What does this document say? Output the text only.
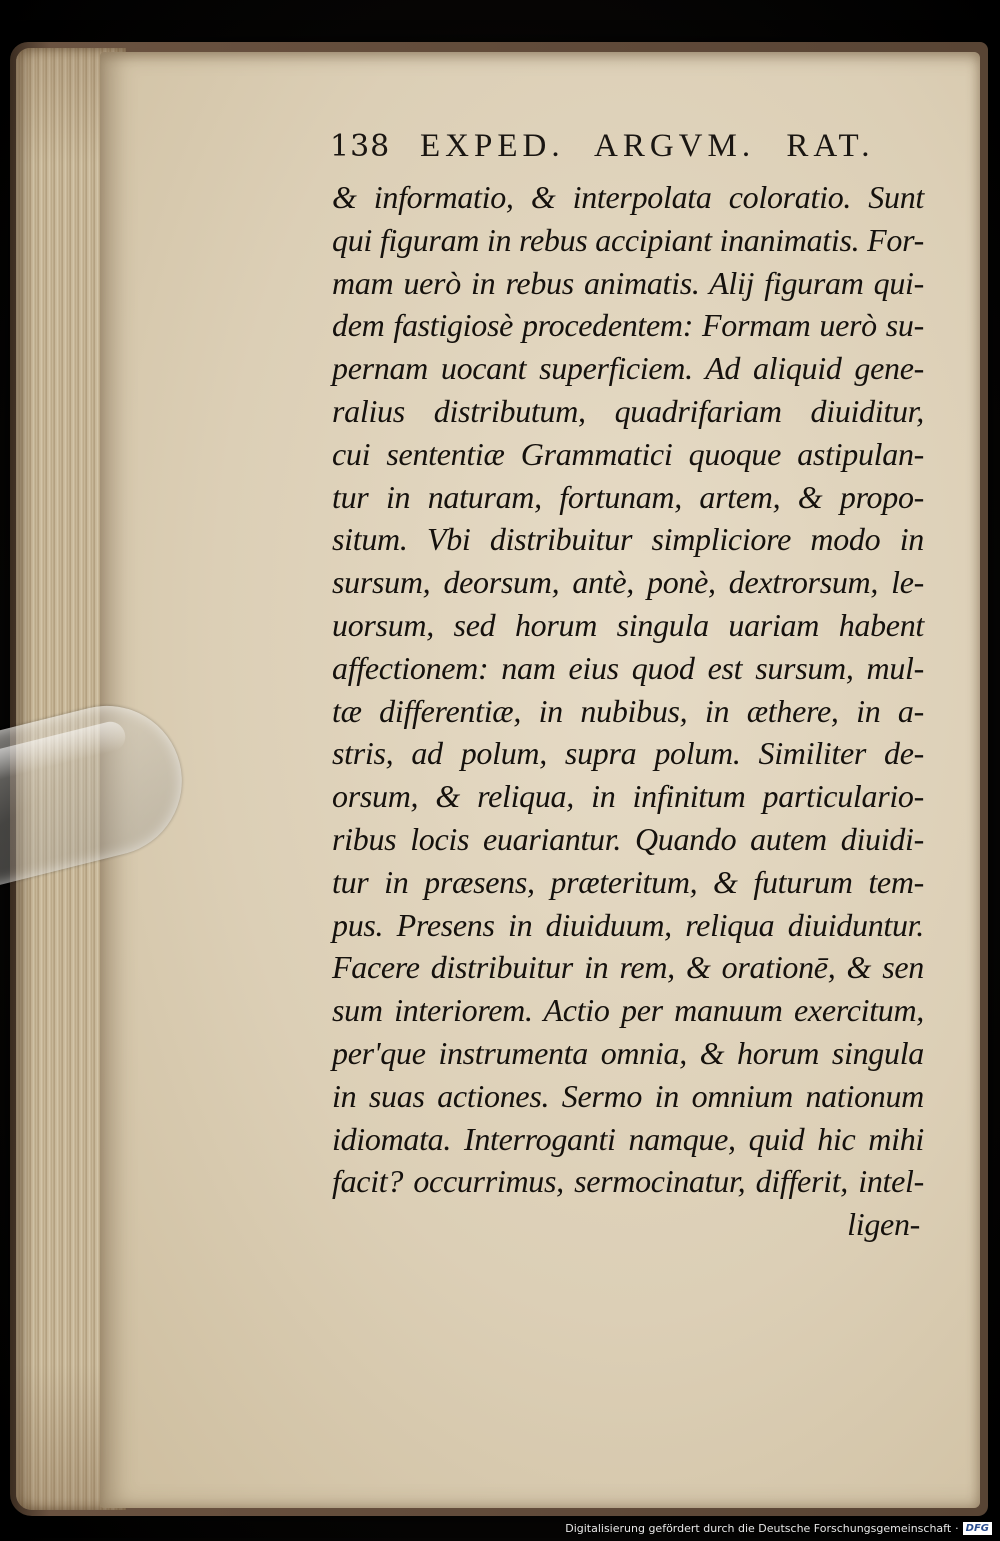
138 EXPED. ARGVM. RAT.
& informatio, & interpolata coloratio. Sunt
qui figuram in rebus accipiant inanimatis. For-
mam uerò in rebus animatis. Alij figuram qui-
dem fastigiosè procedentem: Formam uerò su-
pernam uocant superficiem. Ad aliquid gene-
ralius distributum, quadrifariam diuiditur,
cui sententiæ Grammatici quoque astipulan-
tur in naturam, fortunam, artem, & propo-
situm. Vbi distribuitur simpliciore modo in
sursum, deorsum, antè, ponè, dextrorsum, le-
uorsum, sed horum singula uariam habent
affectionem: nam eius quod est sursum, mul-
tæ differentiæ, in nubibus, in æthere, in a-
stris, ad polum, supra polum. Similiter de-
orsum, & reliqua, in infinitum particulario-
ribus locis euariantur. Quando autem diuidi-
tur in præsens, præteritum, & futurum tem-
pus. Presens in diuiduum, reliqua diuiduntur.
Facere distribuitur in rem, & orationē, & sen
sum interiorem. Actio per manuum exercitum,
per'que instrumenta omnia, & horum singula
in suas actiones. Sermo in omnium nationum
idiomata. Interroganti namque, quid hic mihi
facit? occurrimus, sermocinatur, differit, intel-
ligen-
Digitalisierung gefördert durch die Deutsche Forschungsgemeinschaft · DFG
